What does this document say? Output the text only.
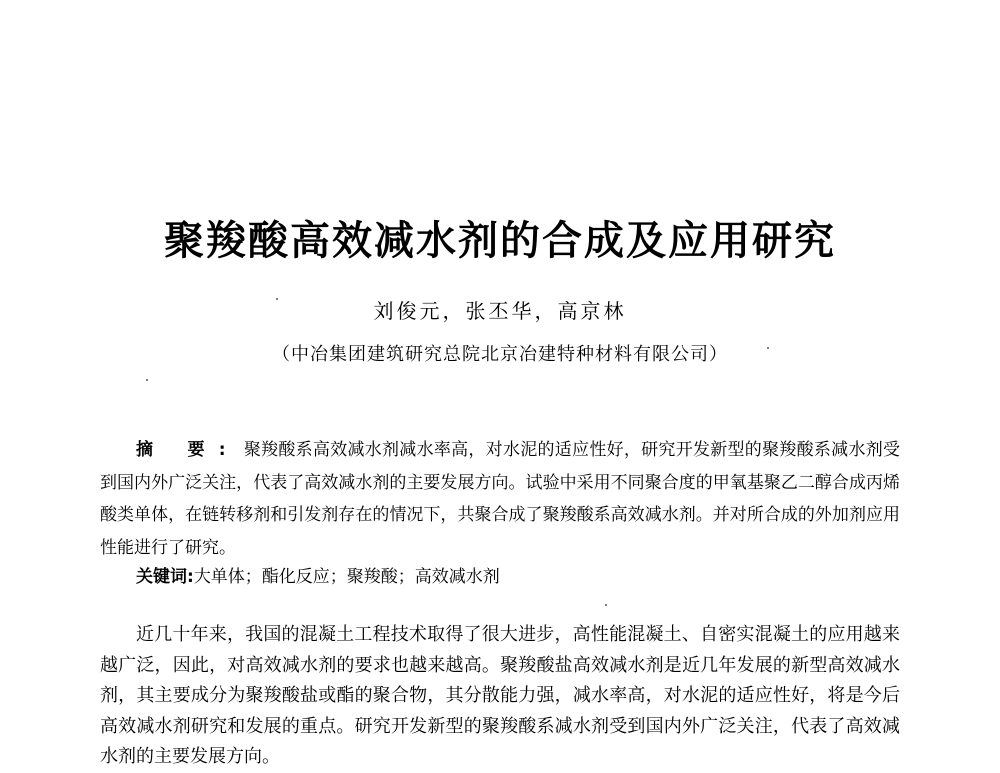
聚羧酸高效减水剂的合成及应用研究
刘俊元，张丕华，高京林
（中冶集团建筑研究总院北京冶建特种材料有限公司）

摘 要: 聚羧酸系高效减水剂减水率高，对水泥的适应性好，研究开发新型的聚羧酸系减水剂受到国内外广泛关注，代表了高效减水剂的主要发展方向。试验中采用不同聚合度的甲氧基聚乙二醇合成丙烯酸类单体，在链转移剂和引发剂存在的情况下，共聚合成了聚羧酸系高效减水剂。并对所合成的外加剂应用性能进行了研究。

关键词:大单体；酯化反应；聚羧酸；高效减水剂

近几十年来，我国的混凝土工程技术取得了很大进步，高性能混凝土、自密实混凝土的应用越来越广泛，因此，对高效减水剂的要求也越来越高。聚羧酸盐高效减水剂是近几年发展的新型高效减水剂，其主要成分为聚羧酸盐或酯的聚合物，其分散能力强，减水率高，对水泥的适应性好，将是今后高效减水剂研究和发展的重点。研究开发新型的聚羧酸系减水剂受到国内外广泛关注，代表了高效减水剂的主要发展方向。
